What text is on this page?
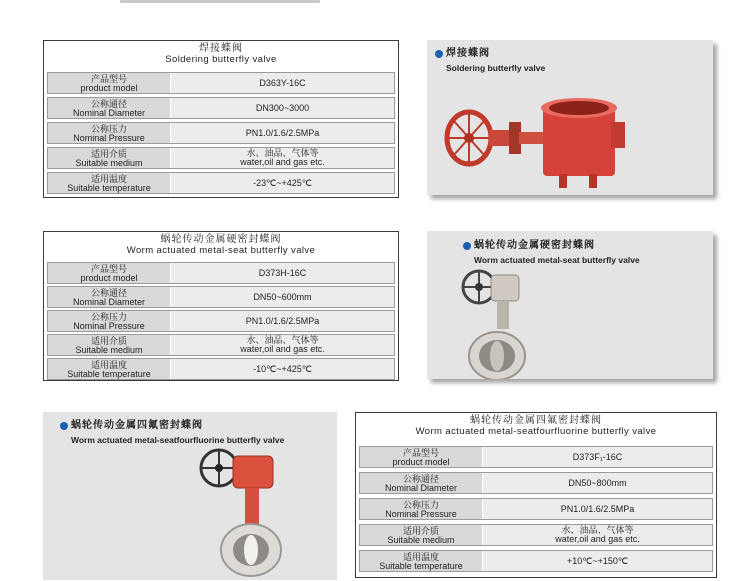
焊接蝶阀
Soldering butterfly valve
产品型号
product model
D363Y-16C
公称通径
Nominal Diameter
DN300~3000
公称压力
Nominal Pressure
PN1.0/1.6/2.5MPa
适用介质
Suitable medium
水、油品、气体等
water,oil and gas etc.
适用温度
Suitable temperature
-23℃~+425℃
焊接蝶阀
Soldering butterfly valve
蜗轮传动金属硬密封蝶阀
Worm actuated metal-seat butterfly valve
产品型号
product model
D373H-16C
公称通径
Nominal Diameter
DN50~600mm
公称压力
Nominal Pressure
PN1.0/1.6/2.5MPa
适用介质
Suitable medium
水、油品、气体等
water,oil and gas etc.
适用温度
Suitable temperature
-10℃~+425℃
蜗轮传动金属硬密封蝶阀
Worm actuated metal-seat butterfly valve
蜗轮传动金属四氟密封蝶阀
Worm actuated metal-seatfourfluorine butterfly valve
蜗轮传动金属四氟密封蝶阀
Worm actuated metal-seatfourfluorine butterfly valve
产品型号
product model
D373F₁-16C
公称通径
Nominal Diameter
DN50~800mm
公称压力
Nominal Pressure
PN1.0/1.6/2.5MPa
适用介质
Suitable medium
水、油品、气体等
water,oil and gas etc.
适用温度
Suitable temperature
+10℃~+150℃
